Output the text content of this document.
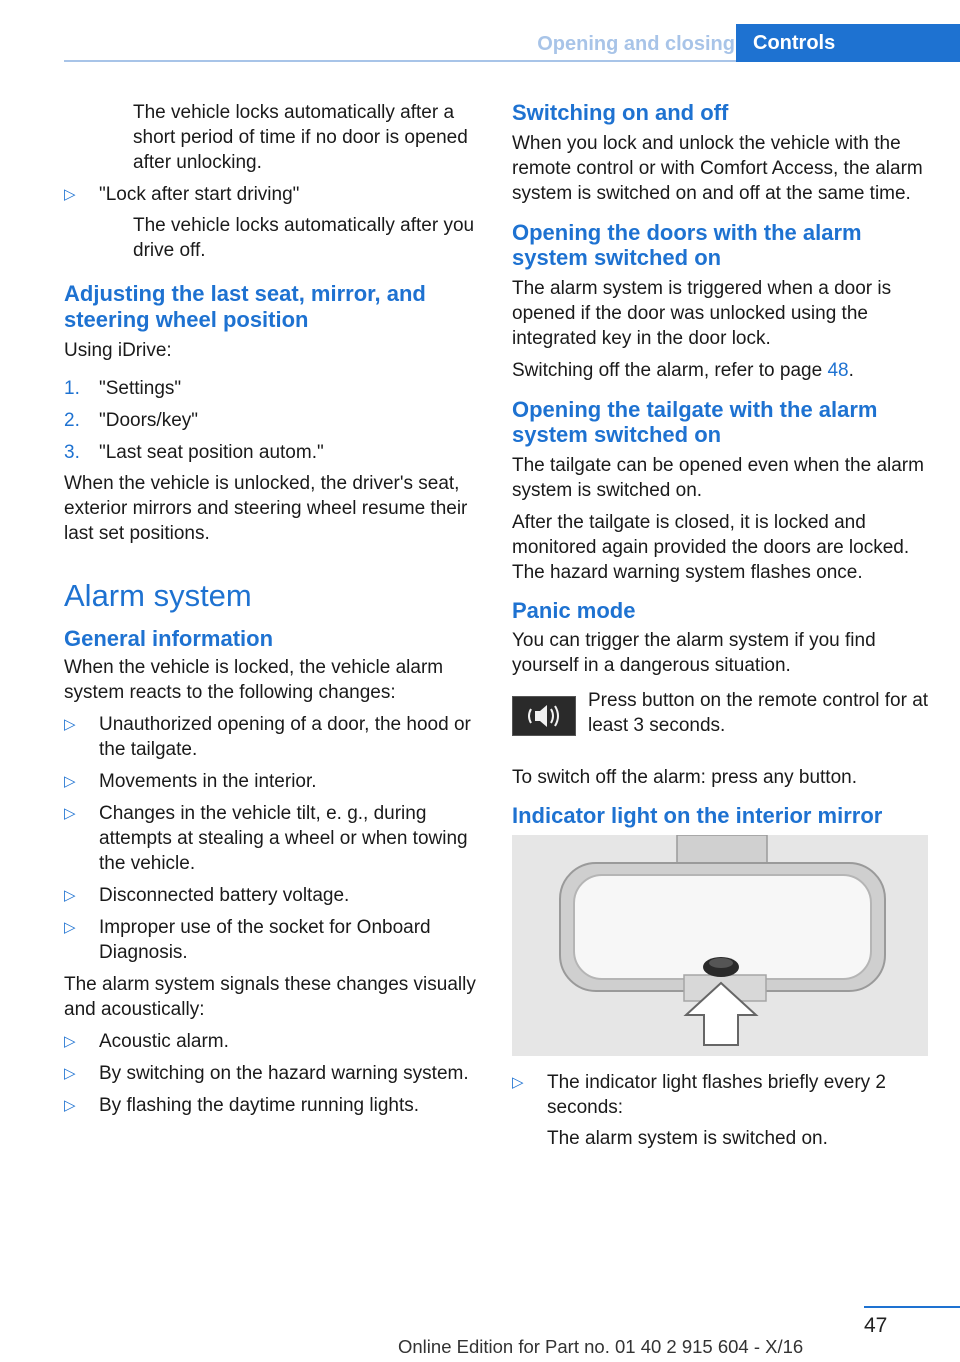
Opening and closing Controls

The vehicle locks automatically after a short period of time if no door is opened after unlocking.

▷ "Lock after start driving"

The vehicle locks automatically after you drive off.

Adjusting the last seat, mirror, and steering wheel position

Using iDrive:

1. "Settings"
2. "Doors/key"
3. "Last seat position autom."

When the vehicle is unlocked, the driver's seat, exterior mirrors and steering wheel resume their last set positions.

Alarm system
General information

When the vehicle is locked, the vehicle alarm system reacts to the following changes:

▷ Unauthorized opening of a door, the hood or the tailgate.
▷ Movements in the interior.
▷ Changes in the vehicle tilt, e. g., during attempts at stealing a wheel or when towing the vehicle.
▷ Disconnected battery voltage.
▷ Improper use of the socket for Onboard Diagnosis.

The alarm system signals these changes visually and acoustically:

▷ Acoustic alarm.
▷ By switching on the hazard warning system.
▷ By flashing the daytime running lights.
Switching on and off

When you lock and unlock the vehicle with the remote control or with Comfort Access, the alarm system is switched on and off at the same time.

Opening the doors with the alarm system switched on

The alarm system is triggered when a door is opened if the door was unlocked using the integrated key in the door lock.

Switching off the alarm, refer to page 48.

Opening the tailgate with the alarm system switched on

The tailgate can be opened even when the alarm system is switched on.

After the tailgate is closed, it is locked and monitored again provided the doors are locked. The hazard warning system flashes once.

Panic mode

You can trigger the alarm system if you find yourself in a dangerous situation.

Press button on the remote control for at least 3 seconds.

To switch off the alarm: press any button.

Indicator light on the interior mirror
▷ The indicator light flashes briefly every 2 seconds:

The alarm system is switched on.

47
Online Edition for Part no. 01 40 2 915 604 - X/16
